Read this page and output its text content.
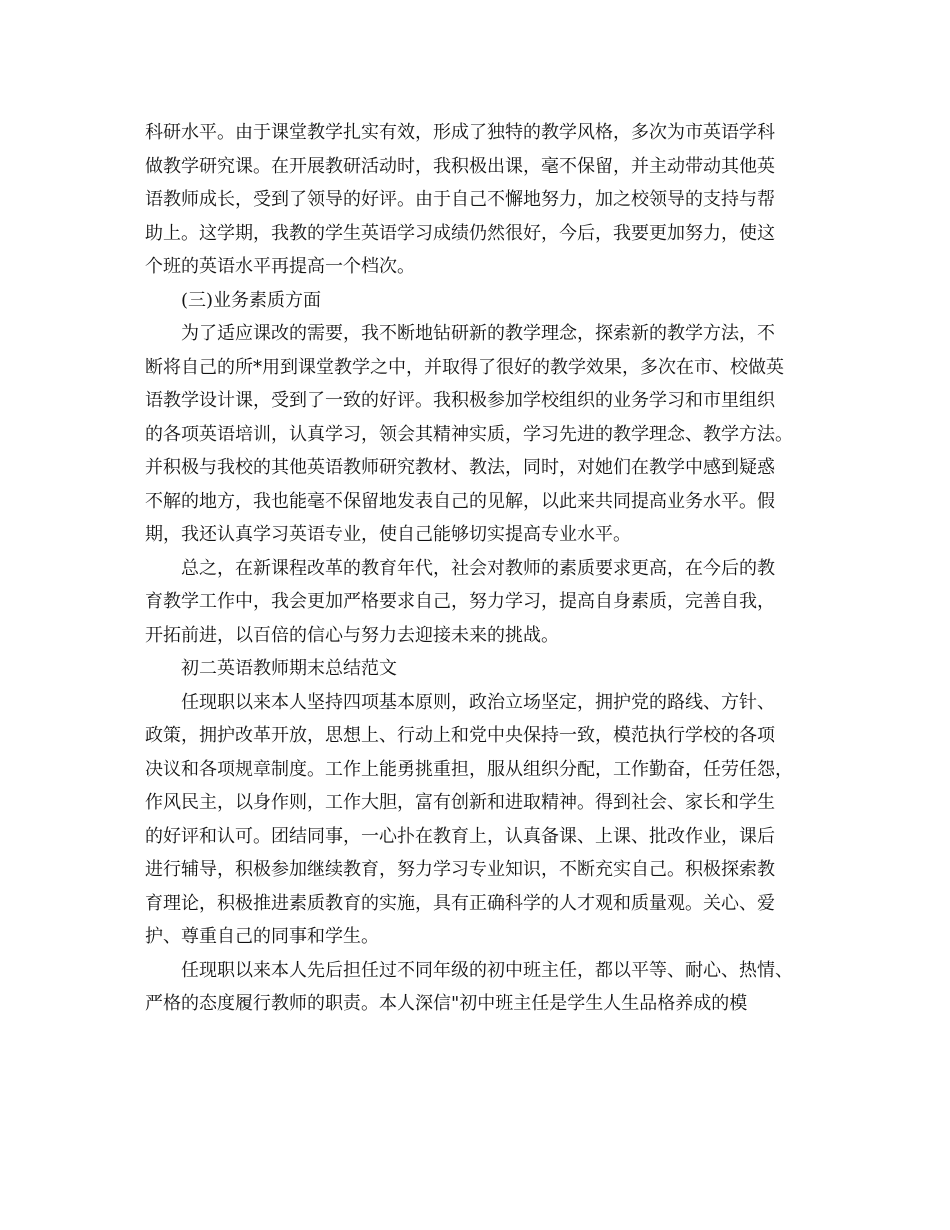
科研水平。由于课堂教学扎实有效，形成了独特的教学风格，多次为市英语学科
做教学研究课。在开展教研活动时，我积极出课，毫不保留，并主动带动其他英
语教师成长，受到了领导的好评。由于自己不懈地努力，加之校领导的支持与帮
助上。这学期，我教的学生英语学习成绩仍然很好，今后，我要更加努力，使这
个班的英语水平再提高一个档次。

(三)业务素质方面

　　为了适应课改的需要，我不断地钻研新的教学理念，探索新的教学方法，不
断将自己的所*用到课堂教学之中，并取得了很好的教学效果，多次在市、校做英
语教学设计课，受到了一致的好评。我积极参加学校组织的业务学习和市里组织
的各项英语培训，认真学习，领会其精神实质，学习先进的教学理念、教学方法。
并积极与我校的其他英语教师研究教材、教法，同时，对她们在教学中感到疑惑
不解的地方，我也能毫不保留地发表自己的见解，以此来共同提高业务水平。假
期，我还认真学习英语专业，使自己能够切实提高专业水平。

　　总之，在新课程改革的教育年代，社会对教师的素质要求更高，在今后的教
育教学工作中，我会更加严格要求自己，努力学习，提高自身素质，完善自我，
开拓前进，以百倍的信心与努力去迎接未来的挑战。

初二英语教师期末总结范文

　　任现职以来本人坚持四项基本原则，政治立场坚定，拥护党的路线、方针、
政策，拥护改革开放，思想上、行动上和党中央保持一致，模范执行学校的各项
决议和各项规章制度。工作上能勇挑重担，服从组织分配，工作勤奋，任劳任怨，
作风民主，以身作则，工作大胆，富有创新和进取精神。得到社会、家长和学生
的好评和认可。团结同事，一心扑在教育上，认真备课、上课、批改作业，课后
进行辅导，积极参加继续教育，努力学习专业知识，不断充实自己。积极探索教
育理论，积极推进素质教育的实施，具有正确科学的人才观和质量观。关心、爱
护、尊重自己的同事和学生。

　　任现职以来本人先后担任过不同年级的初中班主任，都以平等、耐心、热情、
严格的态度履行教师的职责。本人深信"初中班主任是学生人生品格养成的模
